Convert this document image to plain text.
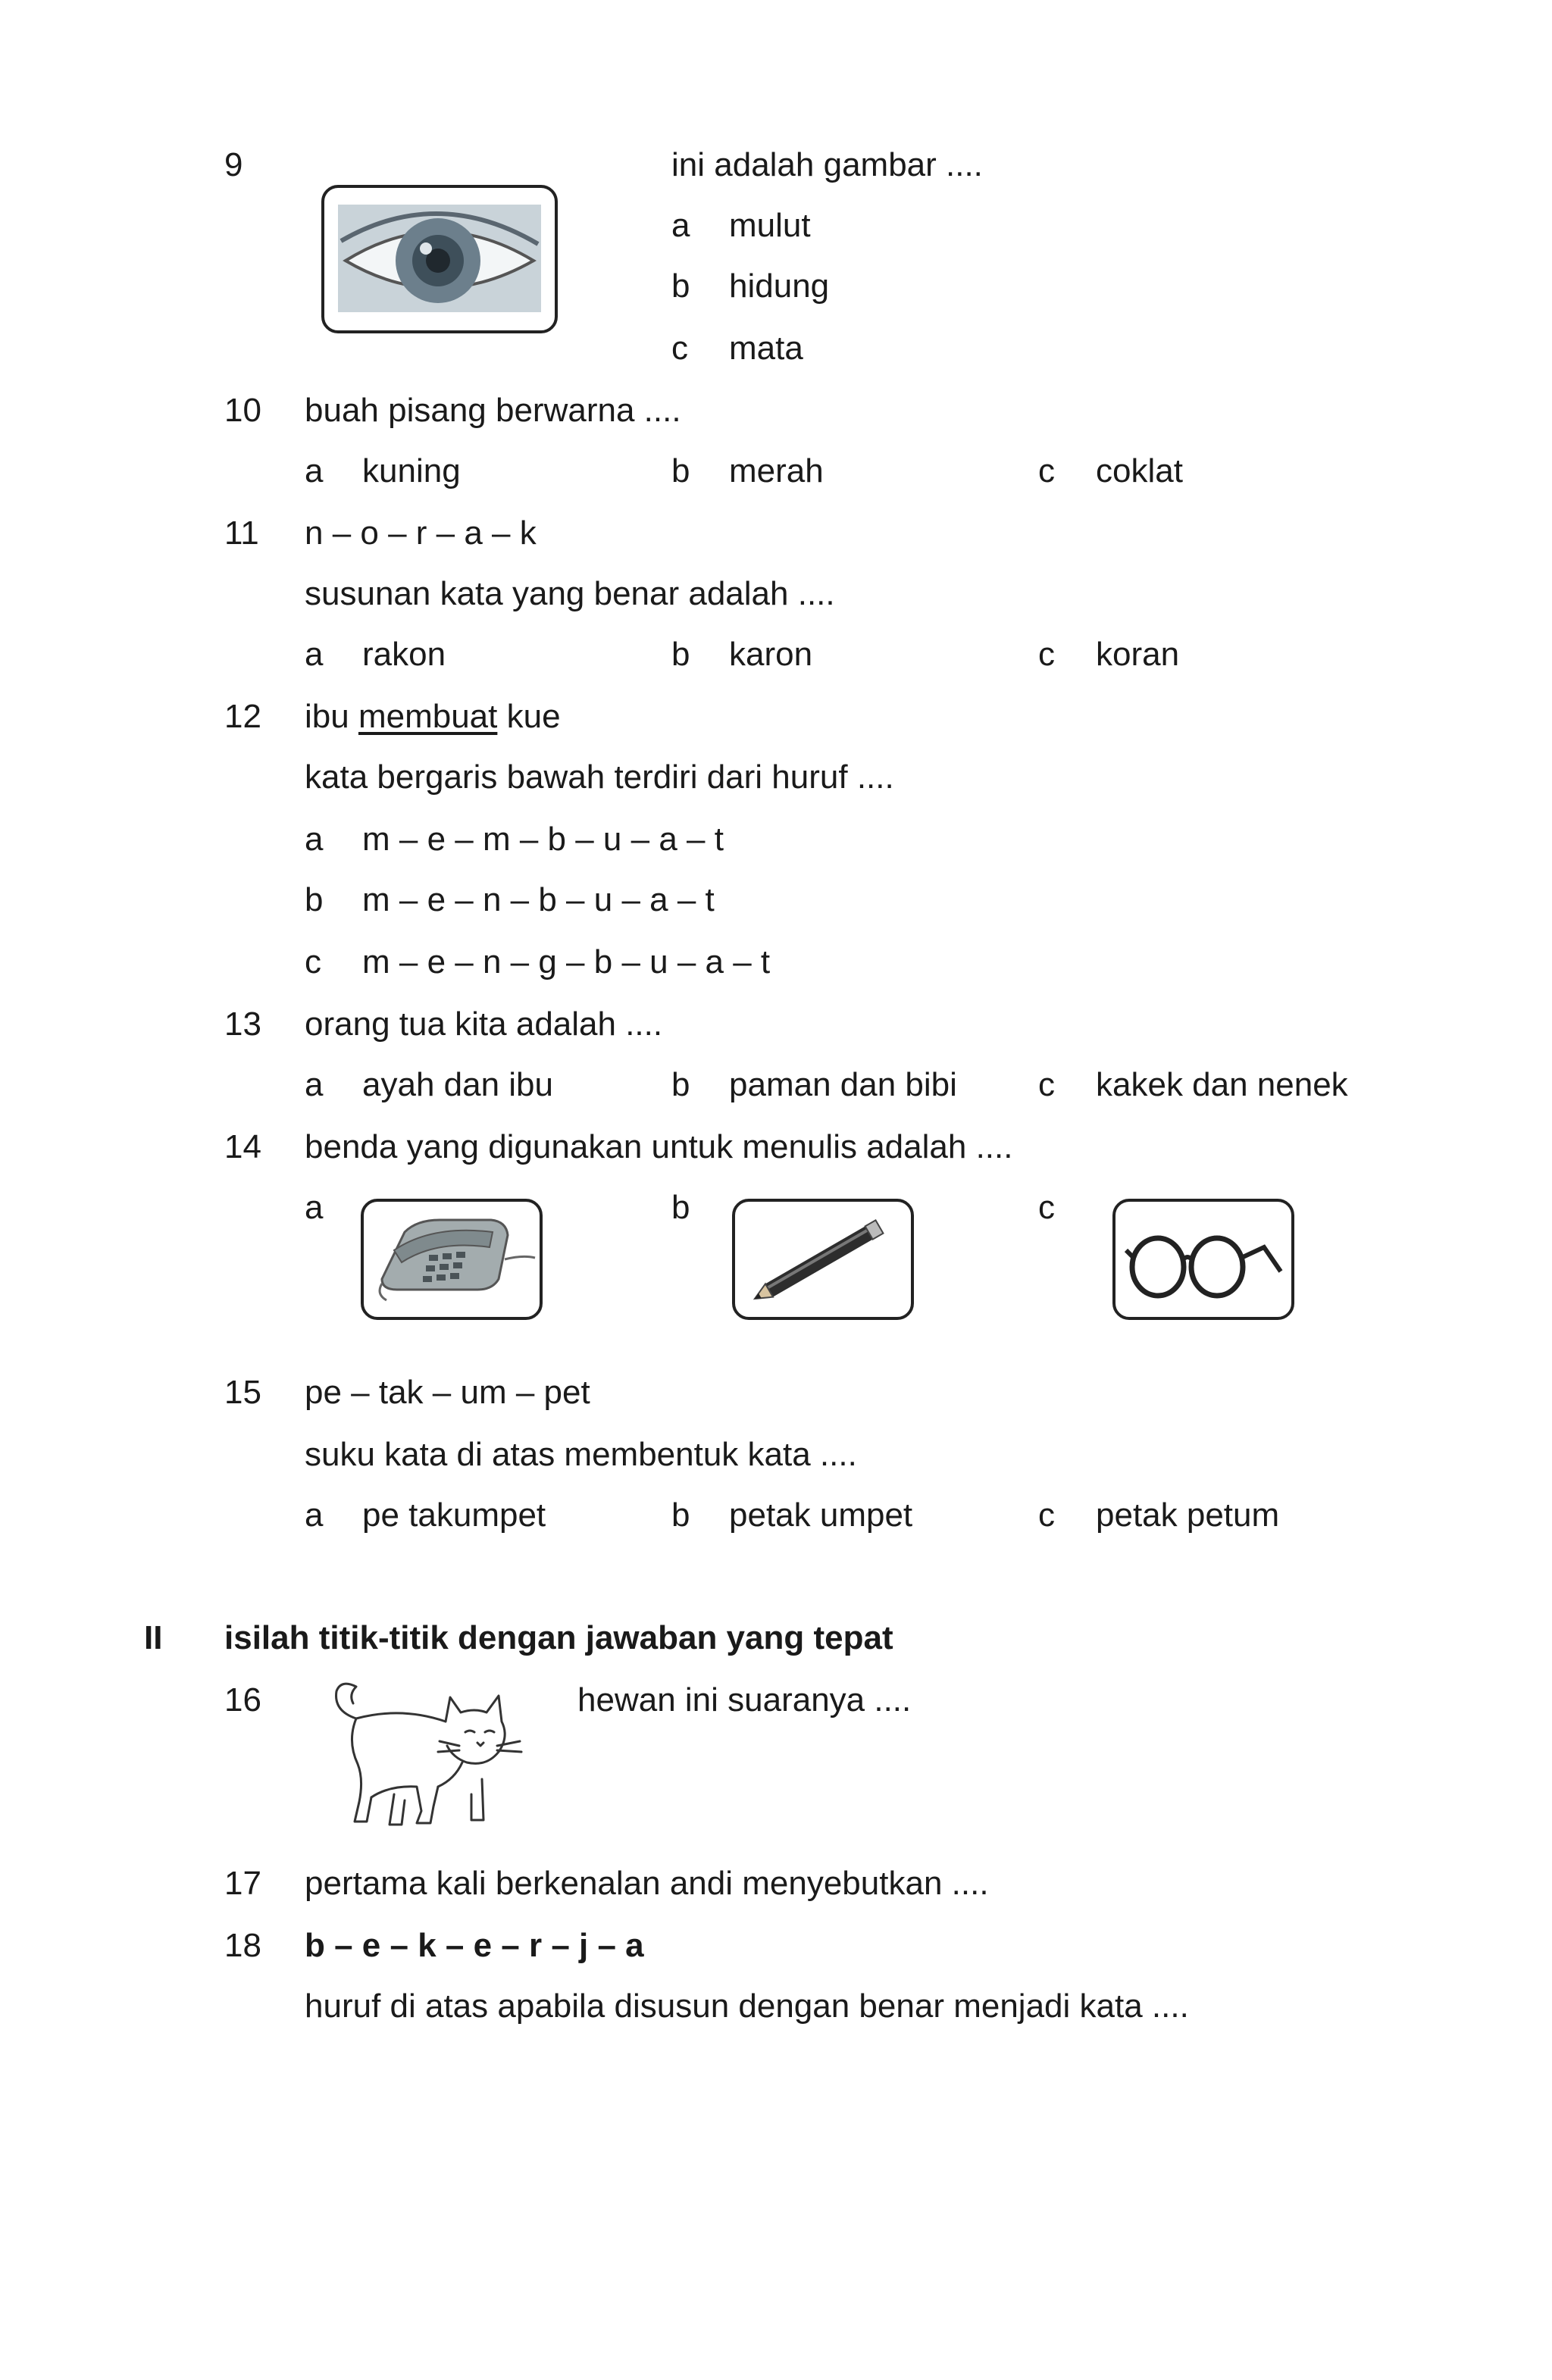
9	ini adalah gambar ....
a mulut
b hidung
c mata
10 buah pisang berwarna ....
a kuning	b merah	c coklat
11 n – o – r – a – k
susunan kata yang benar adalah ....
a rakon	b karon	c koran
12 ibu membuat kue
kata bergaris bawah terdiri dari huruf ....
a m – e – m – b – u – a – t
b m – e – n – b – u – a – t
c m – e – n – g – b – u – a – t
13 orang tua kita adalah ....
a ayah dan ibu	b paman dan bibi c kakek dan nenek
14 benda yang digunakan untuk menulis adalah ....
a	b	c
15 pe – tak – um – pet
suku kata di atas membentuk kata ....
a pe takumpet	b petak umpet	c petak petum
II isilah titik-titik dengan jawaban yang tepat
16	hewan ini suaranya ....
17 pertama kali berkenalan andi menyebutkan ....
18 b – e – k – e – r – j – a
huruf di atas apabila disusun dengan benar menjadi kata ....
